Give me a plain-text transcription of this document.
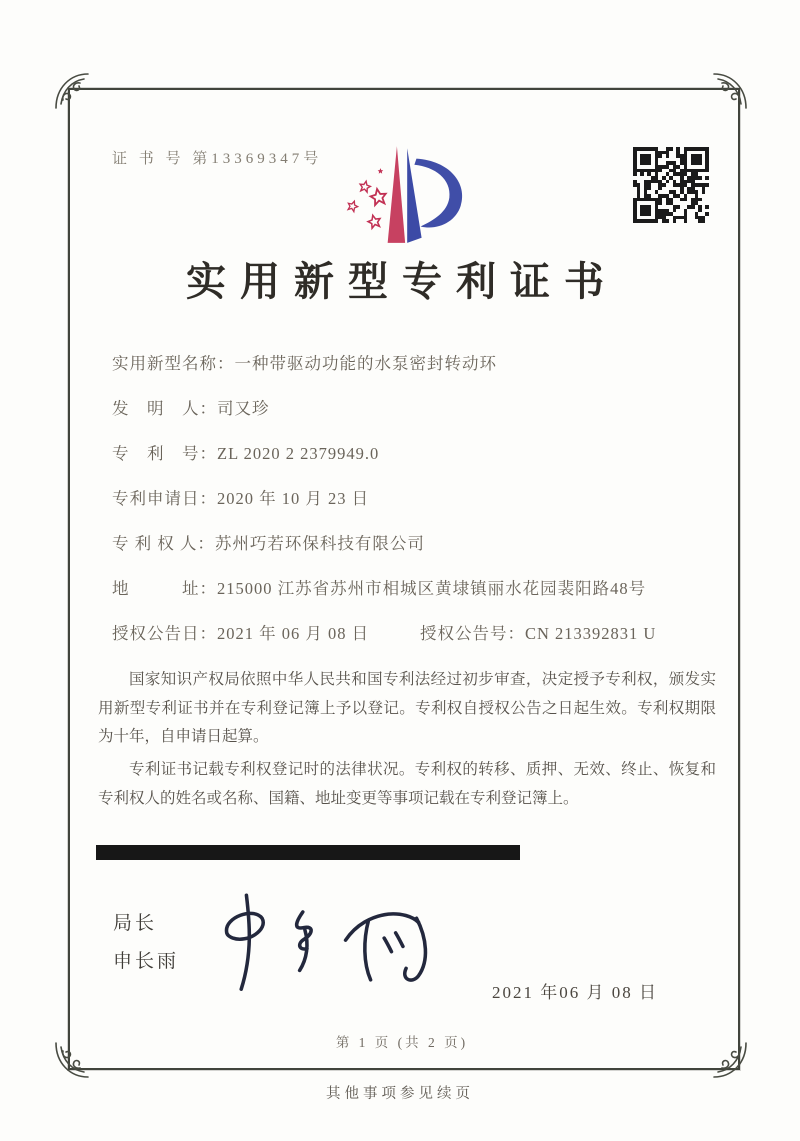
证 书 号 第13369347号
实用新型专利证书
实用新型名称：一种带驱动功能的水泵密封转动环
发　明　人：司又珍
专　利　号：ZL 2020 2 2379949.0
专利申请日：2020 年 10 月 23 日
专 利 权 人：苏州巧若环保科技有限公司
地　　　址：215000 江苏省苏州市相城区黄埭镇丽水花园裴阳路48号
授权公告日：2021 年 06 月 08 日	授权公告号：CN 213392831 U

国家知识产权局依照中华人民共和国专利法经过初步审查，决定授予专利权，颁发实用新型专利证书并在专利登记簿上予以登记。专利权自授权公告之日起生效。专利权期限为十年，自申请日起算。

专利证书记载专利权登记时的法律状况。专利权的转移、质押、无效、终止、恢复和专利权人的姓名或名称、国籍、地址变更等事项记载在专利登记簿上。

局长
申长雨
2021 年06 月 08 日
第 1 页 (共 2 页)
其他事项参见续页
